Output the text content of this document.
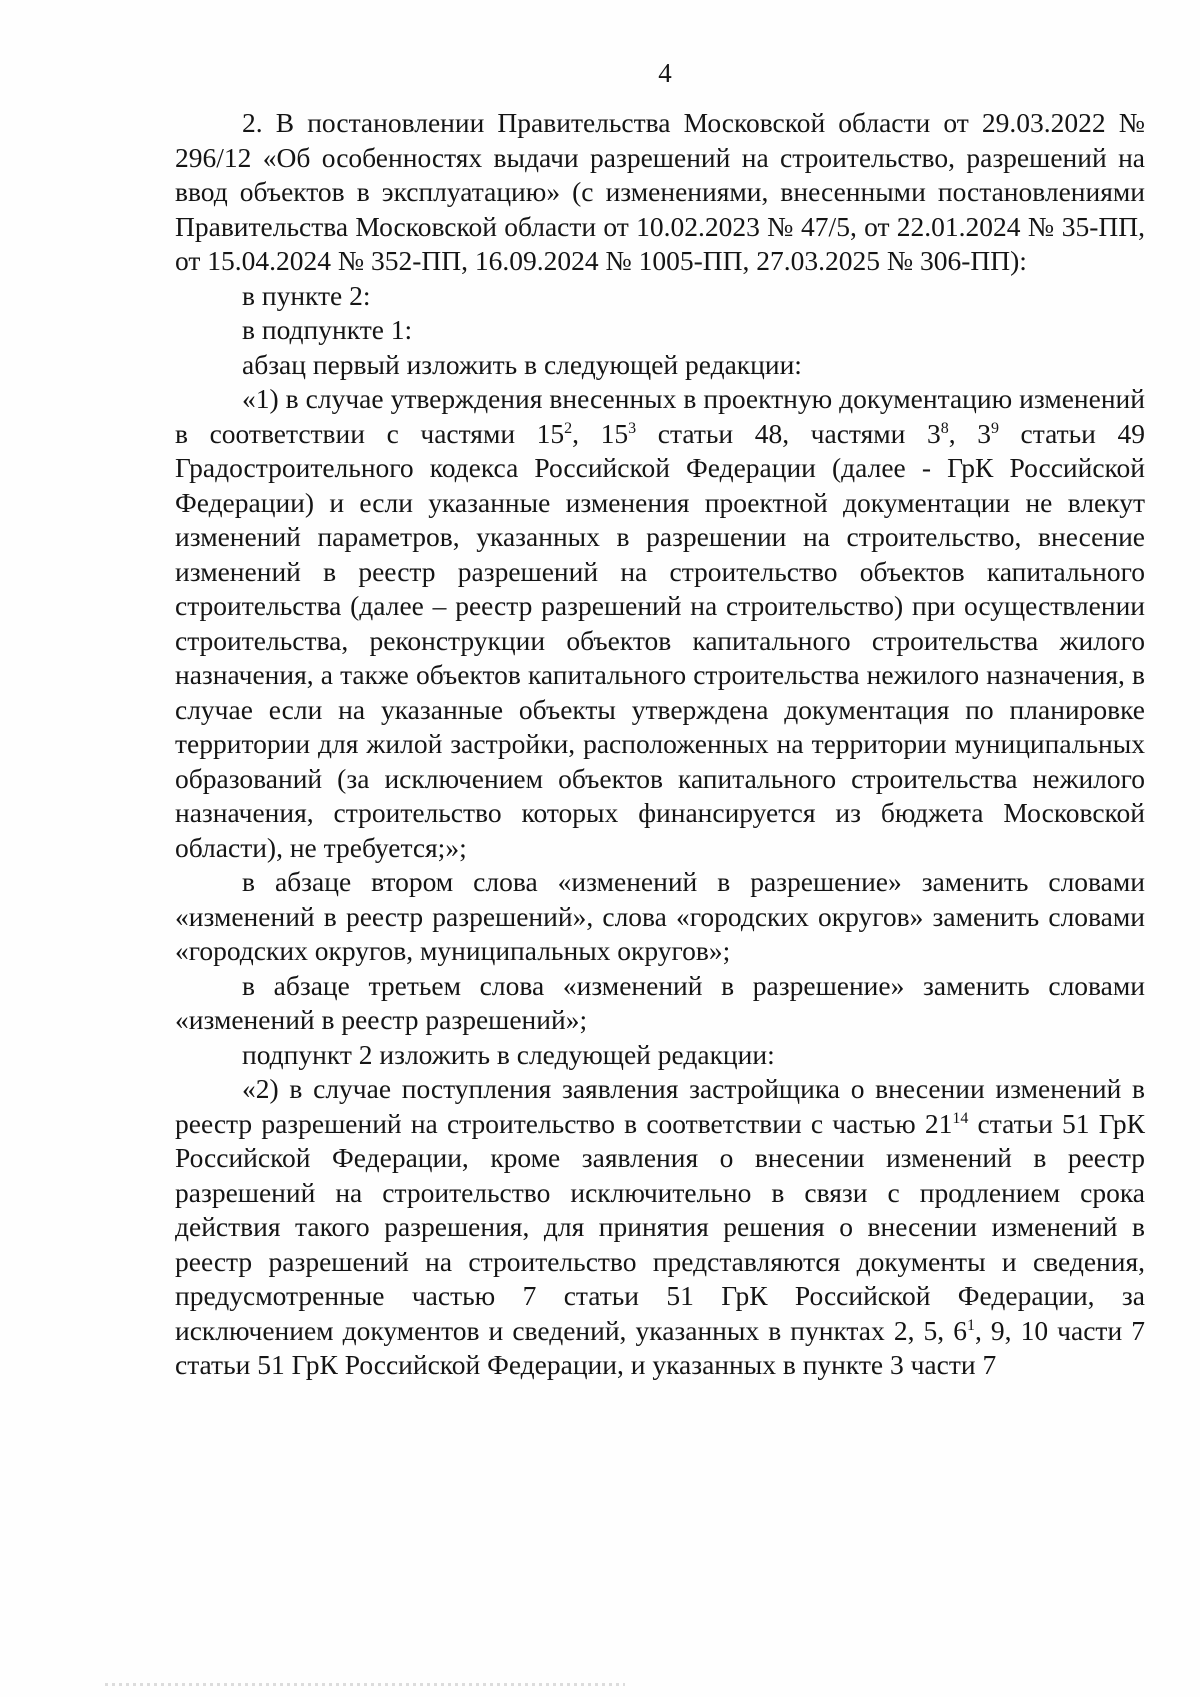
4

2. В постановлении Правительства Московской области от 29.03.2022 № 296/12 «Об особенностях выдачи разрешений на строительство, разрешений на ввод объектов в эксплуатацию» (с изменениями, внесенными постановлениями Правительства Московской области от 10.02.2023 № 47/5, от 22.01.2024 № 35-ПП, от 15.04.2024 № 352-ПП, 16.09.2024 № 1005-ПП, 27.03.2025 № 306-ПП):

в пункте 2:

в подпункте 1:

абзац первый изложить в следующей редакции:

«1) в случае утверждения внесенных в проектную документацию изменений в соответствии с частями $15^2$, $15^3$ статьи 48, частями $3^8$, $3^9$ статьи 49 Градостроительного кодекса Российской Федерации (далее - ГрК Российской Федерации) и если указанные изменения проектной документации не влекут изменений параметров, указанных в разрешении на строительство, внесение изменений в реестр разрешений на строительство объектов капитального строительства (далее – реестр разрешений на строительство) при осуществлении строительства, реконструкции объектов капитального строительства жилого назначения, а также объектов капитального строительства нежилого назначения, в случае если на указанные объекты утверждена документация по планировке территории для жилой застройки, расположенных на территории муниципальных образований (за исключением объектов капитального строительства нежилого назначения, строительство которых финансируется из бюджета Московской области), не требуется;»;

в абзаце втором слова «изменений в разрешение» заменить словами «изменений в реестр разрешений», слова «городских округов» заменить словами «городских округов, муниципальных округов»;

в абзаце третьем слова «изменений в разрешение» заменить словами «изменений в реестр разрешений»;

подпункт 2 изложить в следующей редакции:

«2) в случае поступления заявления застройщика о внесении изменений в реестр разрешений на строительство в соответствии с частью $21^{14}$ статьи 51 ГрК Российской Федерации, кроме заявления о внесении изменений в реестр разрешений на строительство исключительно в связи с продлением срока действия такого разрешения, для принятия решения о внесении изменений в реестр разрешений на строительство представляются документы и сведения, предусмотренные частью 7 статьи 51 ГрК Российской Федерации, за исключением документов и сведений, указанных в пунктах 2, 5, $6^1$, 9, 10 части 7 статьи 51 ГрК Российской Федерации, и указанных в пункте 3 части 7
